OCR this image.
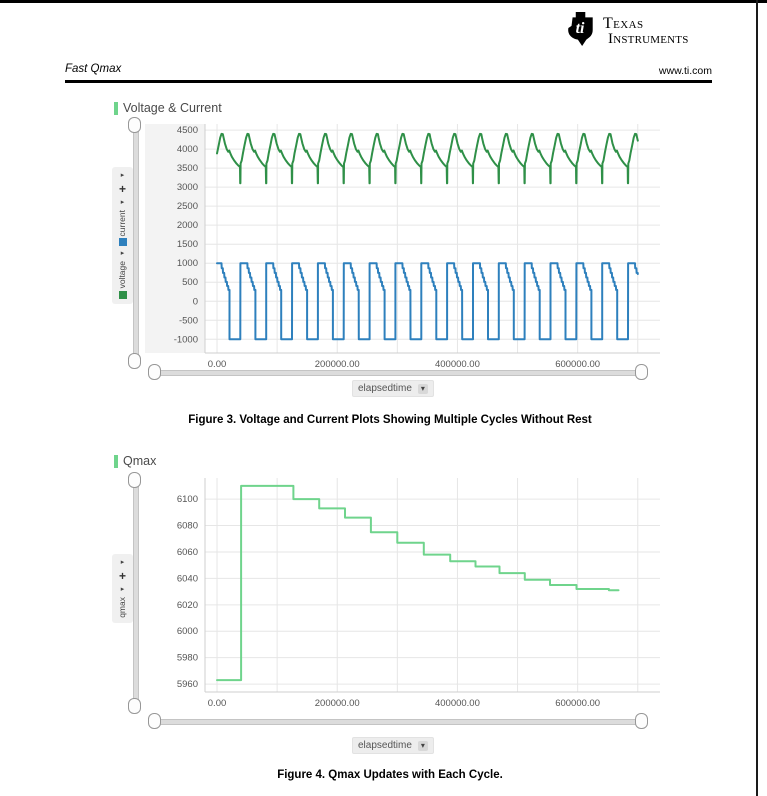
ti Texas
Instruments
Fast Qmax	www.ti.com
Voltage & Current
▸
+
▸
current
▸
voltage
4500
4000
3500
3000
2500
2000
1500
1000
500
0
-500
-1000
0.00	200000.00	400000.00	600000.00
elapsedtime	▾
Figure 3. Voltage and Current Plots Showing Multiple Cycles Without Rest
Qmax
▸
+
▸
qmax
6100
6080
6060
6040
6020
6000
5980
5960
0.00	200000.00	400000.00	600000.00
elapsedtime	▾
Figure 4. Qmax Updates with Each Cycle.
